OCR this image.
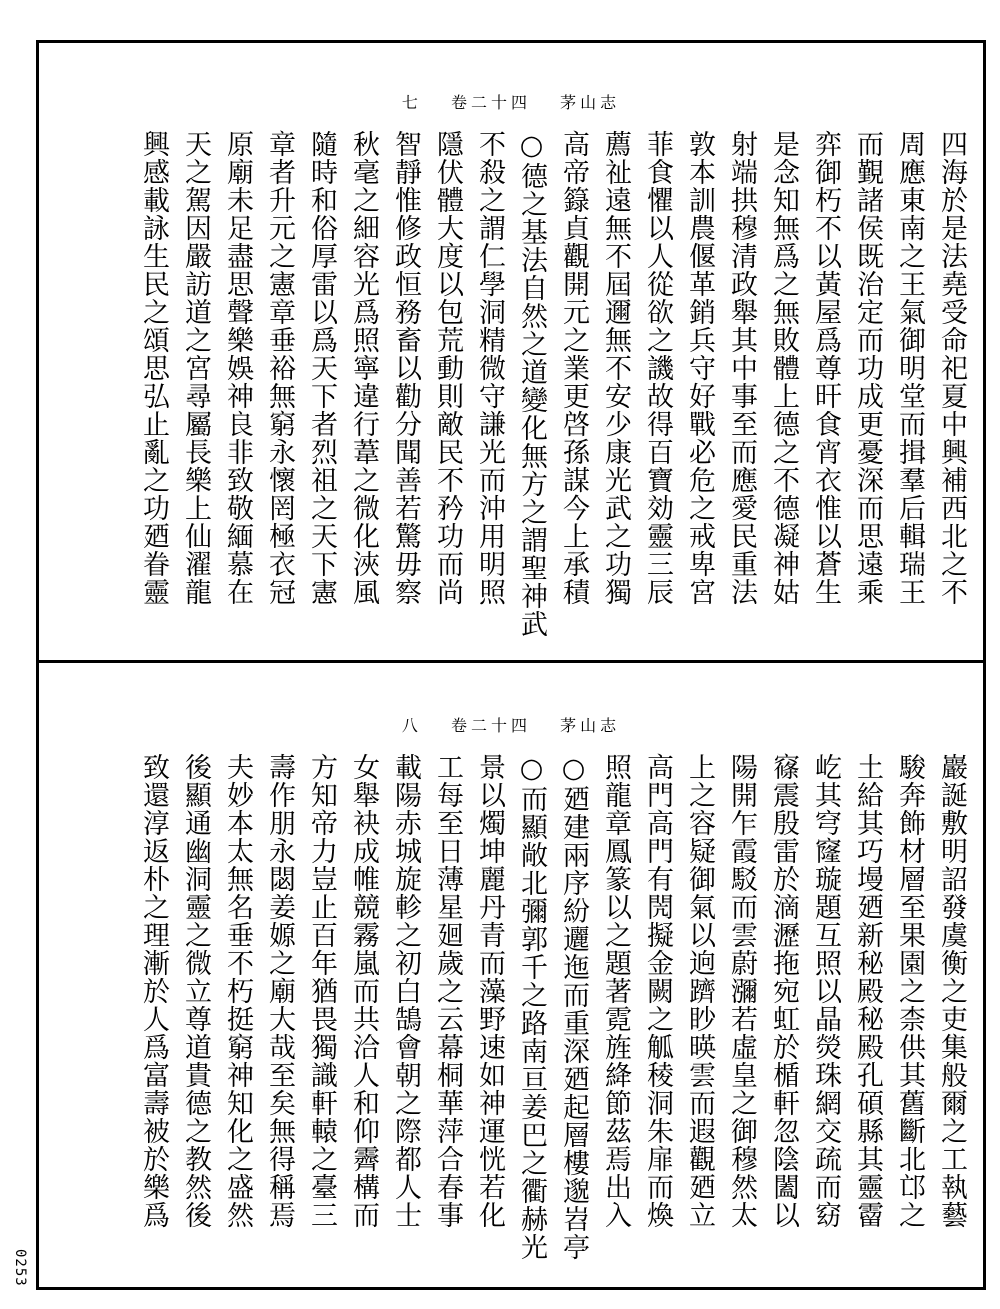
七 卷二十四 茅山志
四海於是法堯受命祀夏中興補西北之不
周應東南之王氣御明堂而揖羣后輯瑞王
而覲諸侯既治定而功成更憂深而思遠乘
弈御朽不以黃屋爲尊旰食宵衣惟以蒼生
是念知無爲之無敗體上德之不德凝神姑
射端拱穆清政舉其中事至而應愛民重法
敦本訓農偃革銷兵守好戰必危之戒卑宮
菲食懼以人從欲之譏故得百寶効靈三辰
薦祉遠無不屆邇無不安少康光武之功獨
高帝籙貞觀開元之業更啓孫謀今上承積
○德之基法自然之道變化無方之謂聖神武
不殺之謂仁學洞精微守謙光而沖用明照
隱伏體大度以包荒動則敵民不矜功而尚
智靜惟修政恒務畜以勸分聞善若驚毋察
秋毫之細容光爲照寧違行葦之微化浹風
隨時和俗厚雷以爲天下者烈祖之天下憲
章者升元之憲章垂裕無窮永懷罔極衣冠
原廟未足盡思聲樂娛神良非致敬緬慕在
天之駕因嚴訪道之宮尋屬長樂上仙濯龍
興感載詠生民之頌思弘止亂之功廼眷靈
八 卷二十四 茅山志
巖誕敷明詔發虞衡之吏集般爾之工執藝
駿奔飾材層至果園之柰供其舊斷北邙之
土給其巧墁廼新秘殿秘殿孔碩縣其靈霤
屹其穹窿璇題互照以晶熒珠網交疏而窈
窱震殷雷於滴瀝拖宛虹於楯軒忽陰闔以
陽開乍霞駁而雲蔚瀰若虛皇之御穆然太
上之容疑御氣以逈躋眇暎雲而遐觀廼立
高門高門有閌擬金闕之觚稜洞朱扉而煥
照龍章鳳篆以之題著霓旌絳節茲焉出入
○廼建兩序紛邐迤而重深廼起層樓邈岧亭
○而顯敞北彌郭千之路南亘姜巴之衢赫光
景以燭坤麗丹青而藻野速如神運恍若化
工每至日薄星廻歲之云幕桐華萍合春事
載陽赤城旋軫之初白鵠會朝之際都人士
女舉袂成帷競霧嵐而共洽人和仰霽構而
方知帝力豈止百年猶畏獨識軒轅之臺三
壽作朋永閟姜嫄之廟大哉至矣無得稱焉
夫妙本太無名垂不朽挺窮神知化之盛然
後顯通幽洞靈之微立尊道貴德之教然後
致還淳返朴之理漸於人爲富壽被於樂爲
0253
